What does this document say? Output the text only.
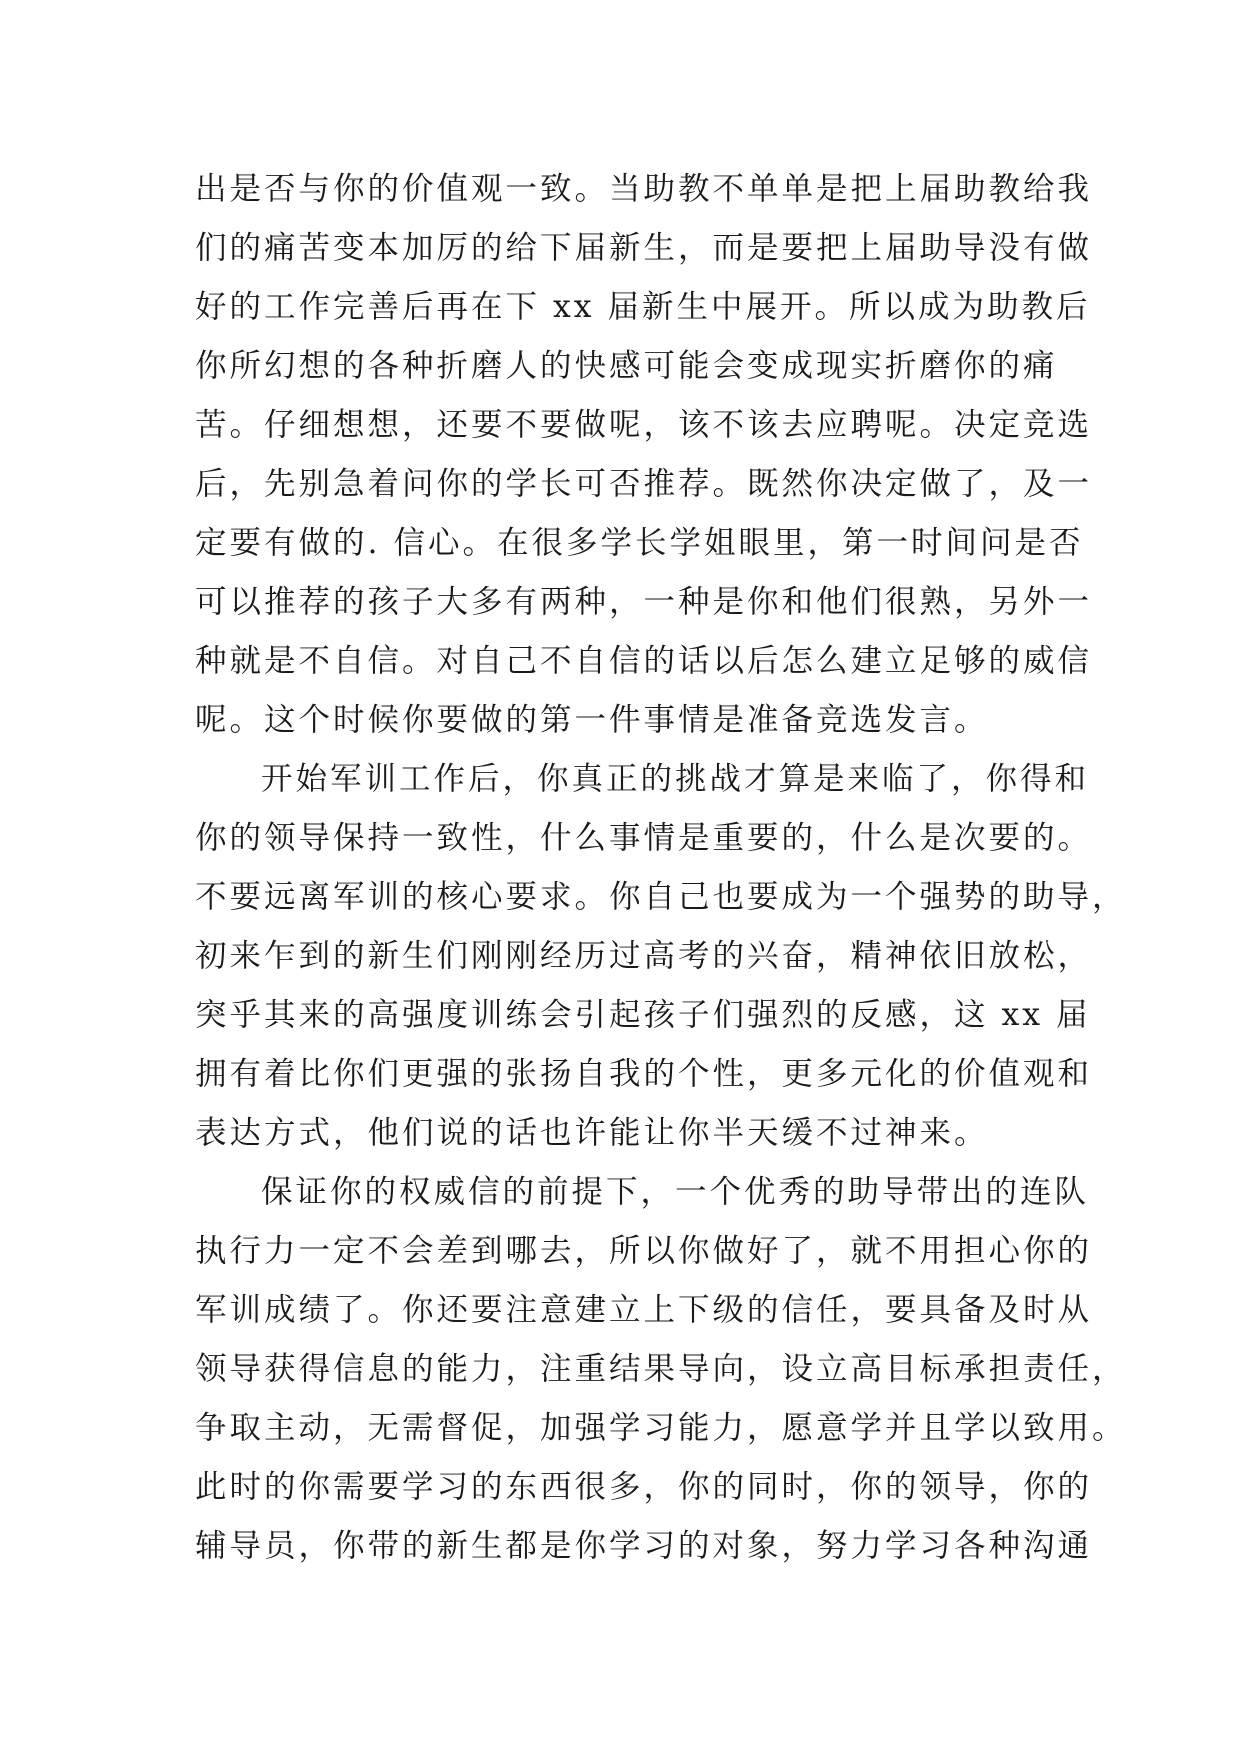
出是否与你的价值观一致。当助教不单单是把上届助教给我
们的痛苦变本加厉的给下届新生，而是要把上届助导没有做
好的工作完善后再在下 xx 届新生中展开。所以成为助教后
你所幻想的各种折磨人的快感可能会变成现实折磨你的痛
苦。仔细想想，还要不要做呢，该不该去应聘呢。决定竞选
后，先别急着问你的学长可否推荐。既然你决定做了，及一
定要有做的. 信心。在很多学长学姐眼里，第一时间问是否
可以推荐的孩子大多有两种，一种是你和他们很熟，另外一
种就是不自信。对自己不自信的话以后怎么建立足够的威信
呢。这个时候你要做的第一件事情是准备竞选发言。
开始军训工作后，你真正的挑战才算是来临了，你得和
你的领导保持一致性，什么事情是重要的，什么是次要的。
不要远离军训的核心要求。你自己也要成为一个强势的助导，
初来乍到的新生们刚刚经历过高考的兴奋，精神依旧放松，
突乎其来的高强度训练会引起孩子们强烈的反感，这 xx 届
拥有着比你们更强的张扬自我的个性，更多元化的价值观和
表达方式，他们说的话也许能让你半天缓不过神来。
保证你的权威信的前提下，一个优秀的助导带出的连队
执行力一定不会差到哪去，所以你做好了，就不用担心你的
军训成绩了。你还要注意建立上下级的信任，要具备及时从
领导获得信息的能力，注重结果导向，设立高目标承担责任，
争取主动，无需督促，加强学习能力，愿意学并且学以致用。
此时的你需要学习的东西很多，你的同时，你的领导，你的
辅导员，你带的新生都是你学习的对象，努力学习各种沟通
